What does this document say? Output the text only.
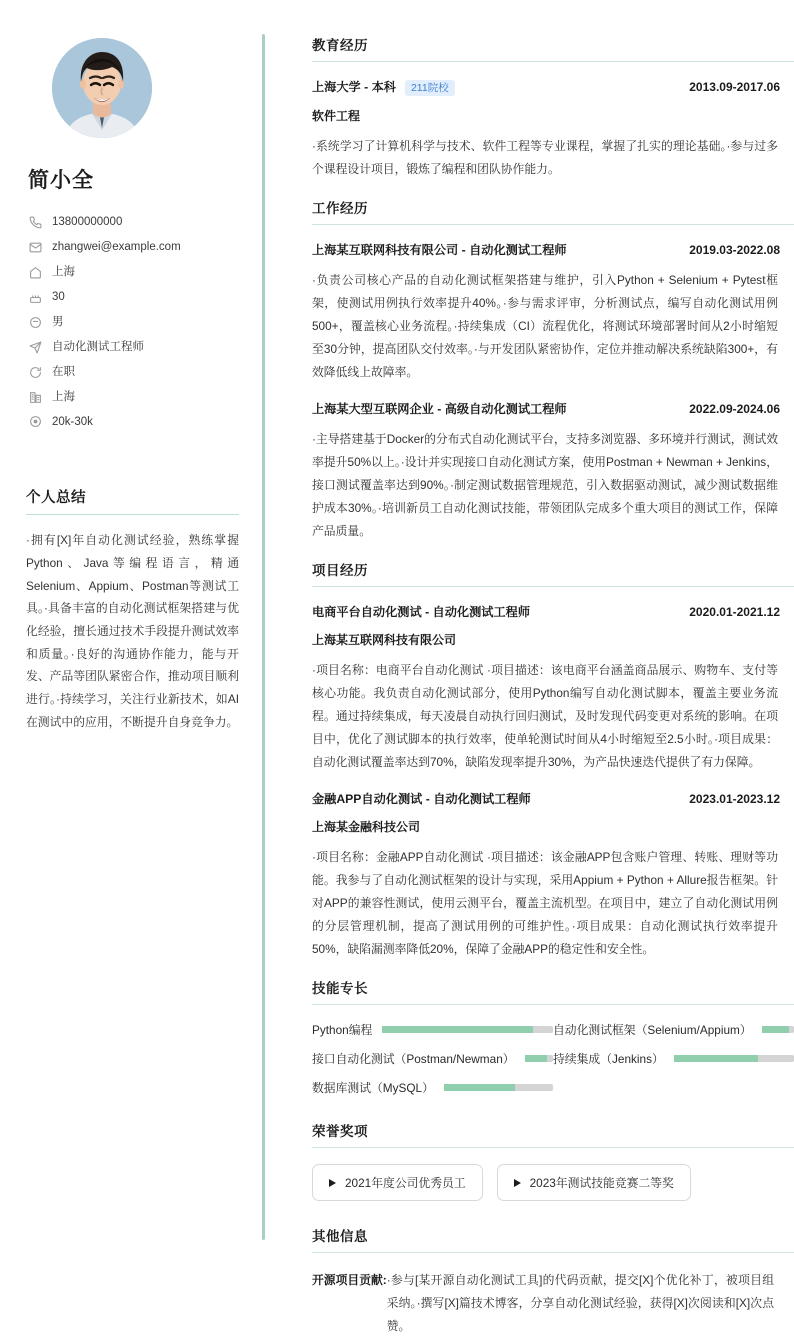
简小全
13800000000
zhangwei@example.com
上海
30
男
自动化测试工程师
在职
上海
20k-30k
个人总结

·拥有[X]年自动化测试经验，熟练掌握Python、Java等编程语言，精通Selenium、Appium、Postman等测试工具。·具备丰富的自动化测试框架搭建与优化经验，擅长通过技术手段提升测试效率和质量。·良好的沟通协作能力，能与开发、产品等团队紧密合作，推动项目顺利进行。·持续学习，关注行业新技术，如AI在测试中的应用，不断提升自身竞争力。

教育经历
上海大学 - 本科	211院校	2013.09-2017.06
软件工程

·系统学习了计算机科学与技术、软件工程等专业课程，掌握了扎实的理论基础。·参与过多个课程设计项目，锻炼了编程和团队协作能力。

工作经历
上海某互联网科技有限公司 - 自动化测试工程师	2019.03-2022.08

·负责公司核心产品的自动化测试框架搭建与维护，引入Python + Selenium + Pytest框架，使测试用例执行效率提升40%。·参与需求评审，分析测试点，编写自动化测试用例500+，覆盖核心业务流程。·持续集成（CI）流程优化，将测试环境部署时间从2小时缩短至30分钟，提高团队交付效率。·与开发团队紧密协作，定位并推动解决系统缺陷300+，有效降低线上故障率。

上海某大型互联网企业 - 高级自动化测试工程师	2022.09-2024.06

·主导搭建基于Docker的分布式自动化测试平台，支持多浏览器、多环境并行测试，测试效率提升50%以上。·设计并实现接口自动化测试方案，使用Postman + Newman + Jenkins，接口测试覆盖率达到90%。·制定测试数据管理规范，引入数据驱动测试，减少测试数据维护成本30%。·培训新员工自动化测试技能，带领团队完成多个重大项目的测试工作，保障产品质量。

项目经历
电商平台自动化测试 - 自动化测试工程师	2020.01-2021.12
上海某互联网科技有限公司

·项目名称：电商平台自动化测试 ·项目描述：该电商平台涵盖商品展示、购物车、支付等核心功能。我负责自动化测试部分，使用Python编写自动化测试脚本，覆盖主要业务流程。通过持续集成，每天凌晨自动执行回归测试，及时发现代码变更对系统的影响。在项目中，优化了测试脚本的执行效率，使单轮测试时间从4小时缩短至2.5小时。·项目成果：自动化测试覆盖率达到70%，缺陷发现率提升30%，为产品快速迭代提供了有力保障。

金融APP自动化测试 - 自动化测试工程师	2023.01-2023.12
上海某金融科技公司

·项目名称：金融APP自动化测试 ·项目描述：该金融APP包含账户管理、转账、理财等功能。我参与了自动化测试框架的设计与实现，采用Appium + Python + Allure报告框架。针对APP的兼容性测试，使用云测平台，覆盖主流机型。在项目中，建立了自动化测试用例的分层管理机制，提高了测试用例的可维护性。·项目成果：自动化测试执行效率提升50%，缺陷漏测率降低20%，保障了金融APP的稳定性和安全性。

技能专长
Python编程	自动化测试框架（Selenium/Appium）
接口自动化测试（Postman/Newman）	持续集成（Jenkins）
数据库测试（MySQL）
荣誉奖项
2021年度公司优秀员工	2023年测试技能竞赛二等奖
其他信息
开源项目贡献: ·参与[某开源自动化测试工具]的代码贡献，提交[X]个优化补丁，被项目组采纳。·撰写[X]篇技术博客，分享自动化测试经验，获得[X]次阅读和[X]次点赞。
